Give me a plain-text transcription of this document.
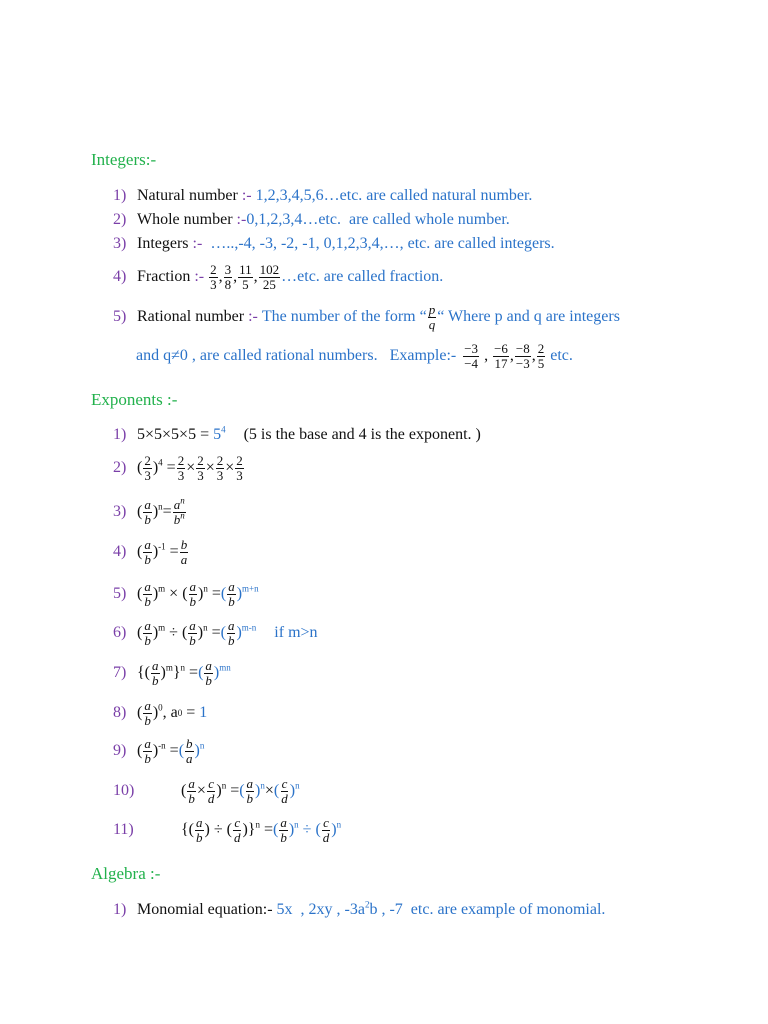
Integers:-
1) Natural number :- 1,2,3,4,5,6…etc. are called natural number.
2) Whole number :- 0,1,2,3,4…etc.  are called whole number.
3) Integers :- …..,-4, -3, -2, -1, 0,1,2,3,4,…, etc. are called integers.
4) Fraction :- $\frac{2}{3}$ , $\frac{3}{8}$ , $\frac{11}{5}$ , $\frac{102}{25}$ …etc. are called fraction.
5) Rational number :- The number of the form “ $\frac{p}{q}$ “ Where p and q are integers
and q≠0 , are called rational numbers.   Example:- $\frac{-3}{-4}$ , $\frac{-6}{17}$ , $\frac{-8}{-3}$ , $\frac{2}{5}$ etc.
Exponents :-
1) $5\times 5\times 5\times 5 = 5^4$ (5 is the base and 4 is the exponent. )
2) ( $\frac{2}{3} )^4 = \frac{2}{3} \times \frac{2}{3} \times \frac{2}{3} \times \frac{2}{3}$
3) ( $\frac{a}{b} )^n= \frac{a^n}{b^n}$
4) ( $\frac{a}{b} )^{-1} = \frac{b}{a}$
5) ( $\frac{a}{b} )^m$ × ( $\frac{a}{b} )^n$ = ( $\frac{a}{b} )^{m+n}$
6) ( $\frac{a}{b} )^m$ ÷ ( $\frac{a}{b} )^n$ = ( $\frac{a}{b} )^{m-n}$ if m>n
7) {( $\frac{a}{b} )^m\}^n$ = ( $\frac{a}{b} )^{mn}$
8) ( $\frac{a}{b} )^0$ , a 0 = 1
9) ( $\frac{a}{b} )^{-n}$ = ( $\frac{b}{a} )^n$
10)	( $\frac{a}{b} \times \frac{c}{d} )^n$ = ( $\frac{a}{b} )^n$ × ( $\frac{c}{d} )^n$
11)	{( $\frac{a}{b}$ ) ÷ ( $\frac{c}{d} )\}^n$ = ( $\frac{a}{b} )^n$ ÷ ( $\frac{c}{d} )^n$
Algebra :-
1) Monomial equation:- 5x  , 2xy , $-3a^2b$ , -7  etc. are example of monomial.
